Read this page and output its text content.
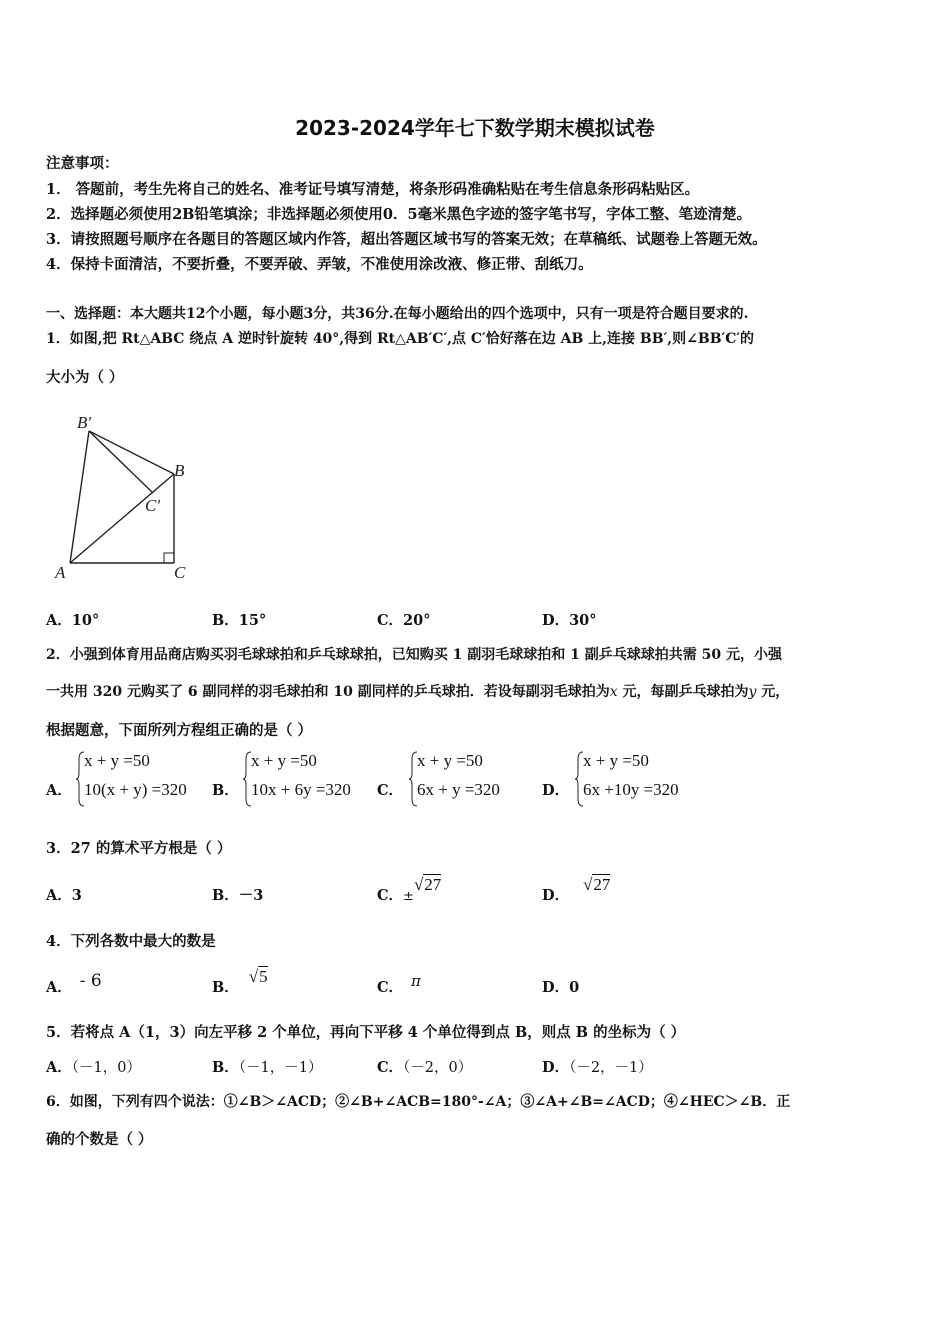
2023-2024学年七下数学期末模拟试卷
注意事项：
1． 答题前，考生先将自己的姓名、准考证号填写清楚，将条形码准确粘贴在考生信息条形码粘贴区。
2．选择题必须使用2B铅笔填涂；非选择题必须使用0．5毫米黑色字迹的签字笔书写，字体工整、笔迹清楚。
3．请按照题号顺序在各题目的答题区域内作答，超出答题区域书写的答案无效；在草稿纸、试题卷上答题无效。
4．保持卡面清洁，不要折叠，不要弄破、弄皱，不准使用涂改液、修正带、刮纸刀。
一、选择题：本大题共12个小题，每小题3分，共36分.在每小题给出的四个选项中，只有一项是符合题目要求的.
1．如图,把 Rt△ABC 绕点 A 逆时针旋转 40°,得到 Rt△AB′C′,点 C′恰好落在边 AB 上,连接 BB′,则∠BB′C′的
大小为（ ）
B′
B
C′
A	C
A．10°	B．15°	C．20°	D．30°
2．小强到体育用品商店购买羽毛球球拍和乒乓球球拍，已知购买 1 副羽毛球球拍和 1 副乒乓球球拍共需 50 元，小强
一共用 320 元购买了 6 副同样的羽毛球拍和 10 副同样的乒乓球拍．若设每副羽毛球拍为x 元，每副乒乓球拍为y 元，
根据题意，下面所列方程组正确的是（ ）
A．
x + y =50
10(x + y) =320 B．
x + y =50
10x + 6y =320 C．
x + y =50
6x + y =320	D．
x + y =50
6x +10y =320
3．27 的算术平方根是（ ）
A．3	B．－3	C．±√27
D．√27
4．下列各数中最大的数是
A． - 6	B．√5
C． π	D．0
5．若将点 A（1，3）向左平移 2 个单位，再向下平移 4 个单位得到点 B，则点 B 的坐标为（ ）
A．（－1，0）	B．（－1，－1）	C．（－2，0）	D．（－2，－1）
6．如图，下列有四个说法：①∠B＞∠ACD；②∠B+∠ACB=180°-∠A；③∠A+∠B=∠ACD；④∠HEC＞∠B．正
确的个数是（ ）
